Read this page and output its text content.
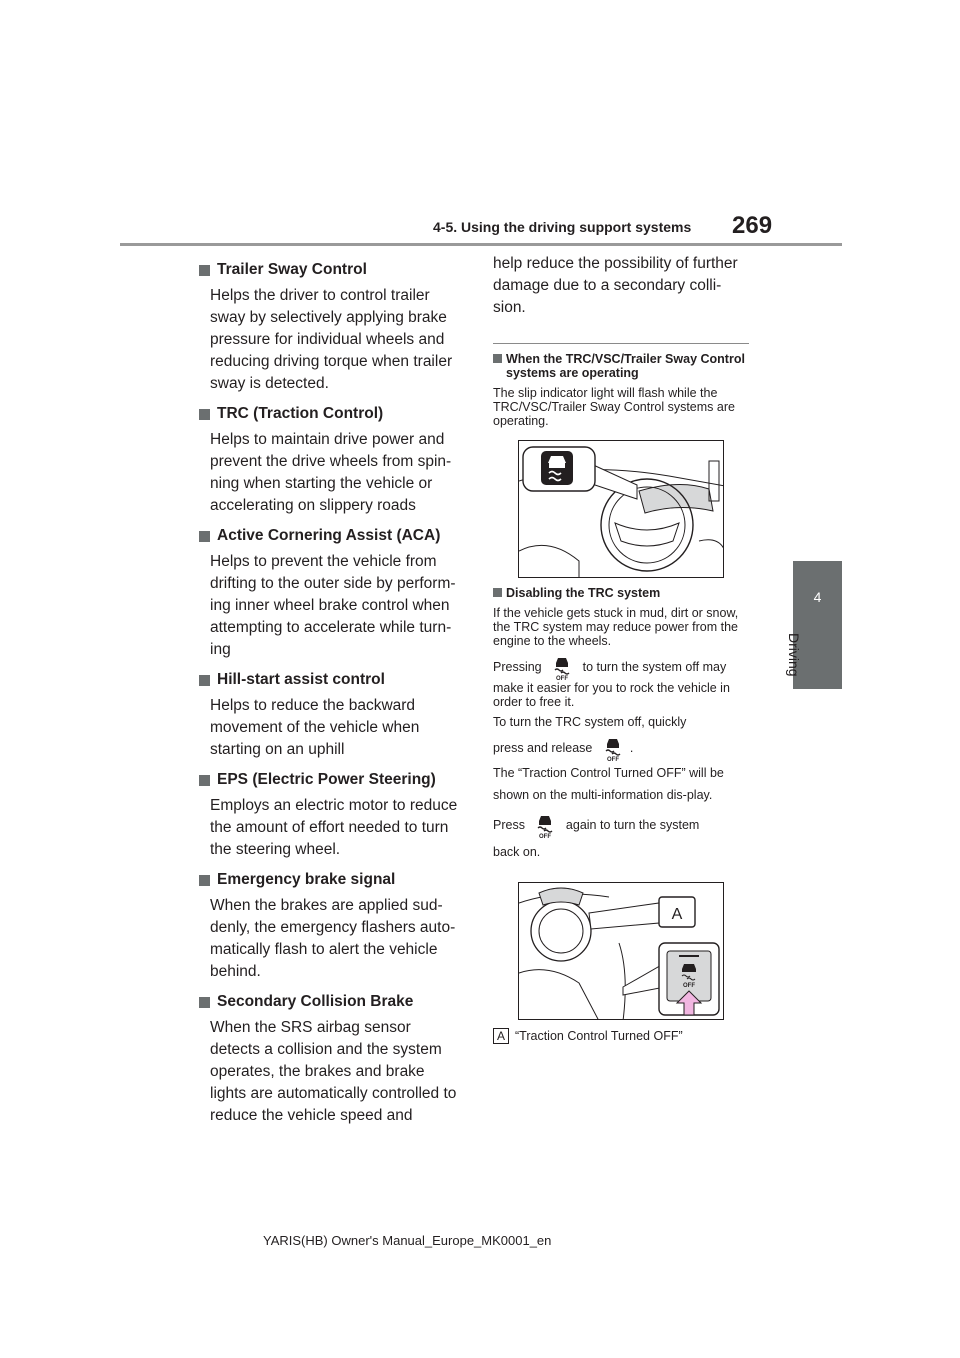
4-5. Using the driving support systems 269
4
Driving
Trailer Sway Control
Helps the driver to control trailer sway by selectively applying brake pressure for individual wheels and reducing driving torque when trailer sway is detected.
TRC (Traction Control)
Helps to maintain drive power and prevent the drive wheels from spin-ning when starting the vehicle or accelerating on slippery roads
Active Cornering Assist (ACA)
Helps to prevent the vehicle from drifting to the outer side by perform-ing inner wheel brake control when attempting to accelerate while turn-ing
Hill-start assist control
Helps to reduce the backward movement of the vehicle when starting on an uphill
EPS (Electric Power Steering)
Employs an electric motor to reduce the amount of effort needed to turn the steering wheel.
Emergency brake signal
When the brakes are applied sud-denly, the emergency flashers auto-matically flash to alert the vehicle behind.
Secondary Collision Brake
When the SRS airbag sensor detects a collision and the system operates, the brakes and brake lights are automatically controlled to reduce the vehicle speed and
help reduce the possibility of further damage due to a secondary colli-sion.
When the TRC/VSC/Trailer Sway Control systems are operating
The slip indicator light will flash while the TRC/VSC/Trailer Sway Control systems are operating.
Disabling the TRC system
If the vehicle gets stuck in mud, dirt or snow, the TRC system may reduce power from the engine to the wheels.
Pressing
OFF
to turn the system off may
make it easier for you to rock the vehicle in order to free it.
To turn the TRC system off, quickly
press and release
OFF
.
The “Traction Control Turned OFF” will be shown on the multi-information dis-play.
Press
OFF
again to turn the system
back on.
A
OFF
A “Traction Control Turned OFF”
YARIS(HB) Owner's Manual_Europe_MK0001_en
